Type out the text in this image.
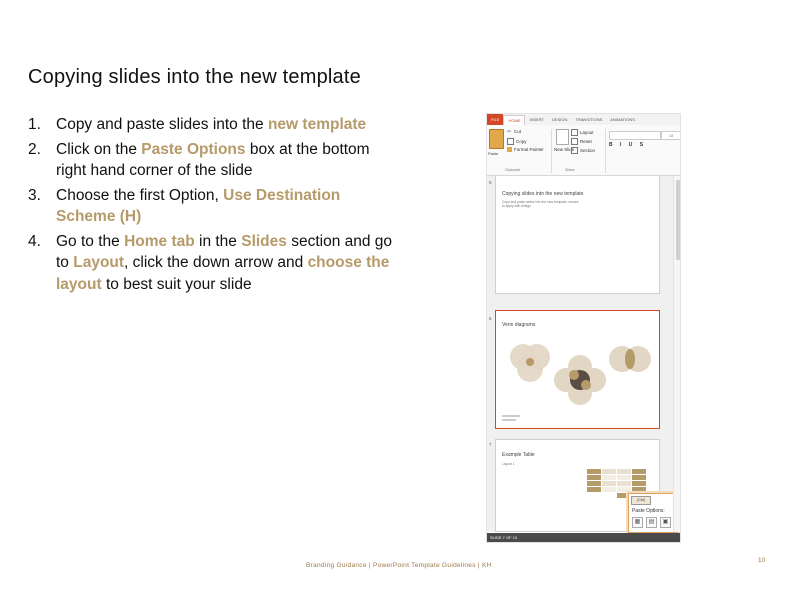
Copying slides into the new template
1. Copy and paste slides into the new template
2. Click on the Paste Options box at the bottom right hand corner of the slide
3. Choose the first Option, Use Destination Scheme (H)
4. Go to the Home tab in the Slides section and go to Layout, click the down arrow and choose the layout to best suit your slide
FILE	HOME	INSERT	DESIGN	TRANSITIONS	ANIMATIONS
Paste
✂ Cut
Copy
Format Painter
Clipboard
New Slide
Layout
Reset
Section
Slides
18
B I U S
5
Copying slides into the new template
Copy and paste slides into the new template, ensure to apply with design
6
Venn diagrams
7
Example Table
Layout 1

(Ctrl)
Paste Options:
▦	▤	▣
SLIDE 7 OF 10
Branding Guidance | PowerPoint Template Guidelines | KH
10
